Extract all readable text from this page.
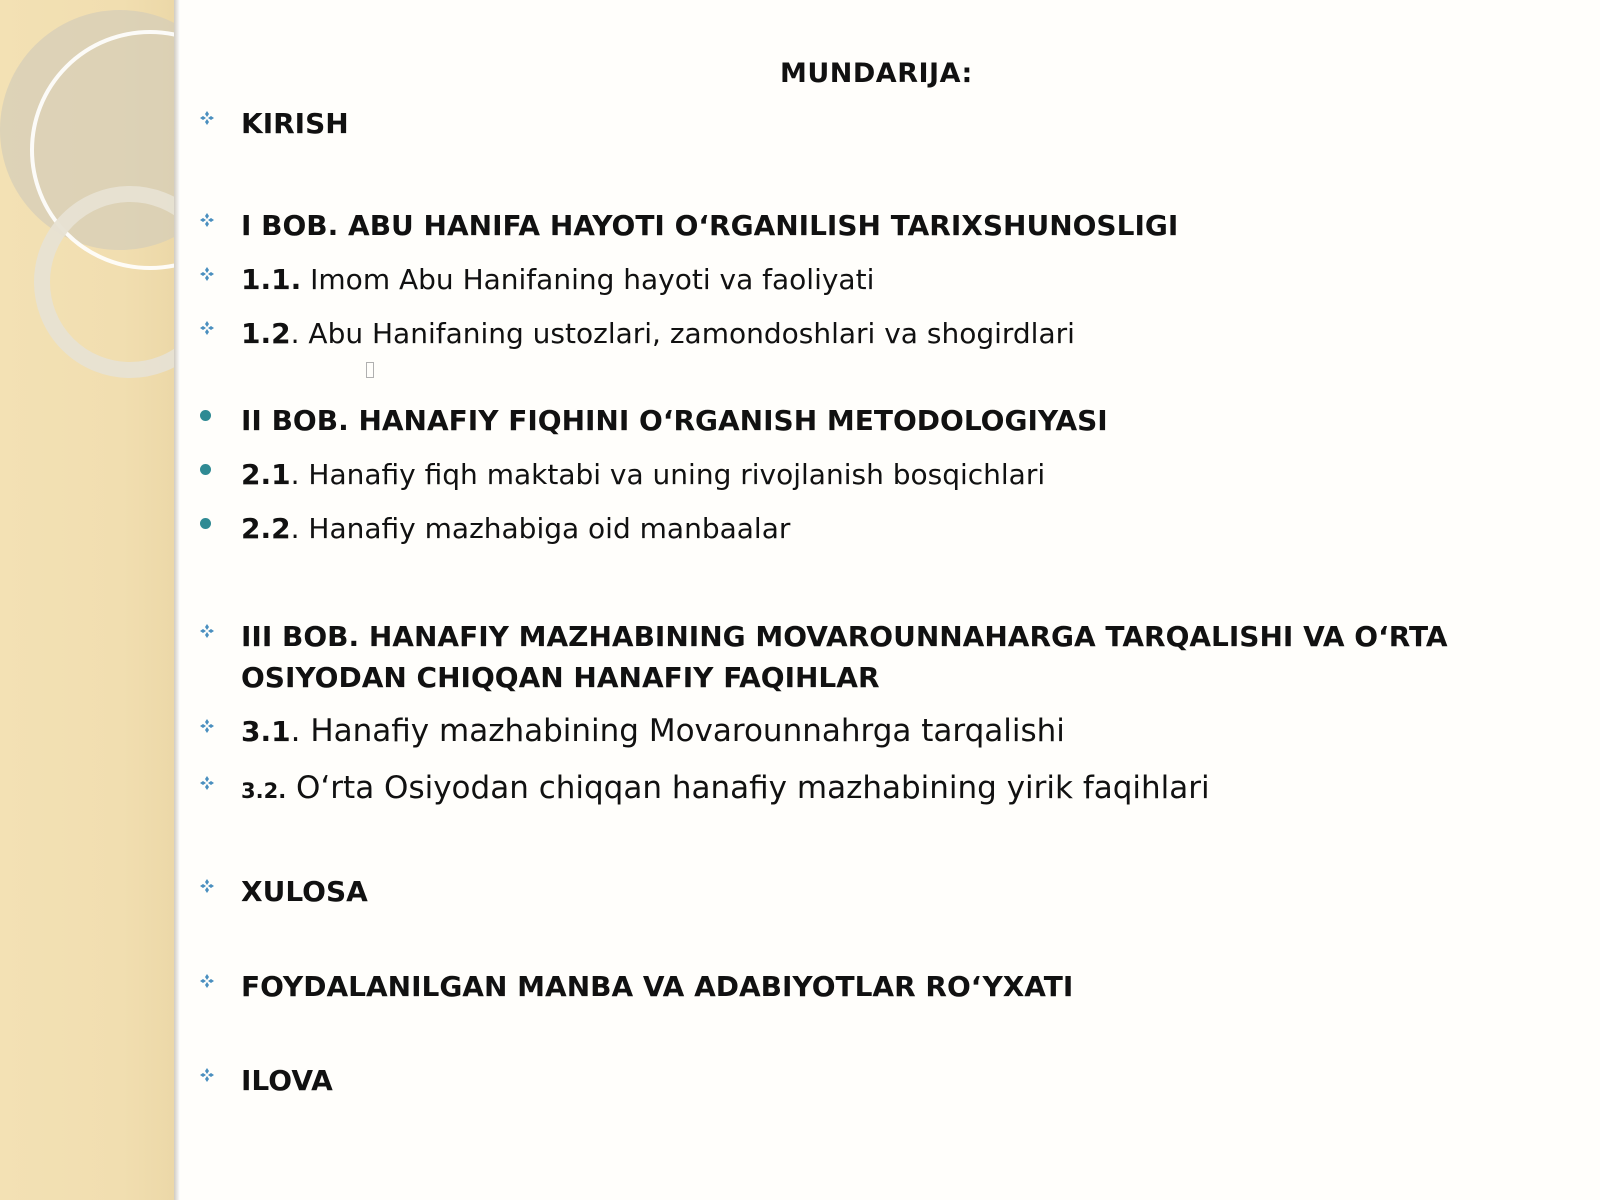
MUNDARIJA:
KIRISH
I BOB. ABU HANIFA HAYOTI O‘RGANILISH TARIXSHUNOSLIGI
1.1. Imom Abu Hanifaning hayoti va faoliyati
1.2. Abu Hanifaning ustozlari, zamondoshlari va shogirdlari
II BOB. HANAFIY FIQHINI O‘RGANISH METODOLOGIYASI
2.1. Hanafiy fiqh maktabi va uning rivojlanish bosqichlari
2.2. Hanafiy mazhabiga oid manbaalar
III BOB. HANAFIY MAZHABINING MOVAROUNNAHARGA TARQALISHI VA O‘RTA OSIYODAN CHIQQAN HANAFIY FAQIHLAR
3.1. Hanafiy mazhabining Movarounnahrga tarqalishi
3.2. O‘rta Osiyodan chiqqan hanafiy mazhabining yirik faqihlari
XULOSA
FOYDALANILGAN MANBA VA ADABIYOTLAR RO‘YXATI
ILOVA
